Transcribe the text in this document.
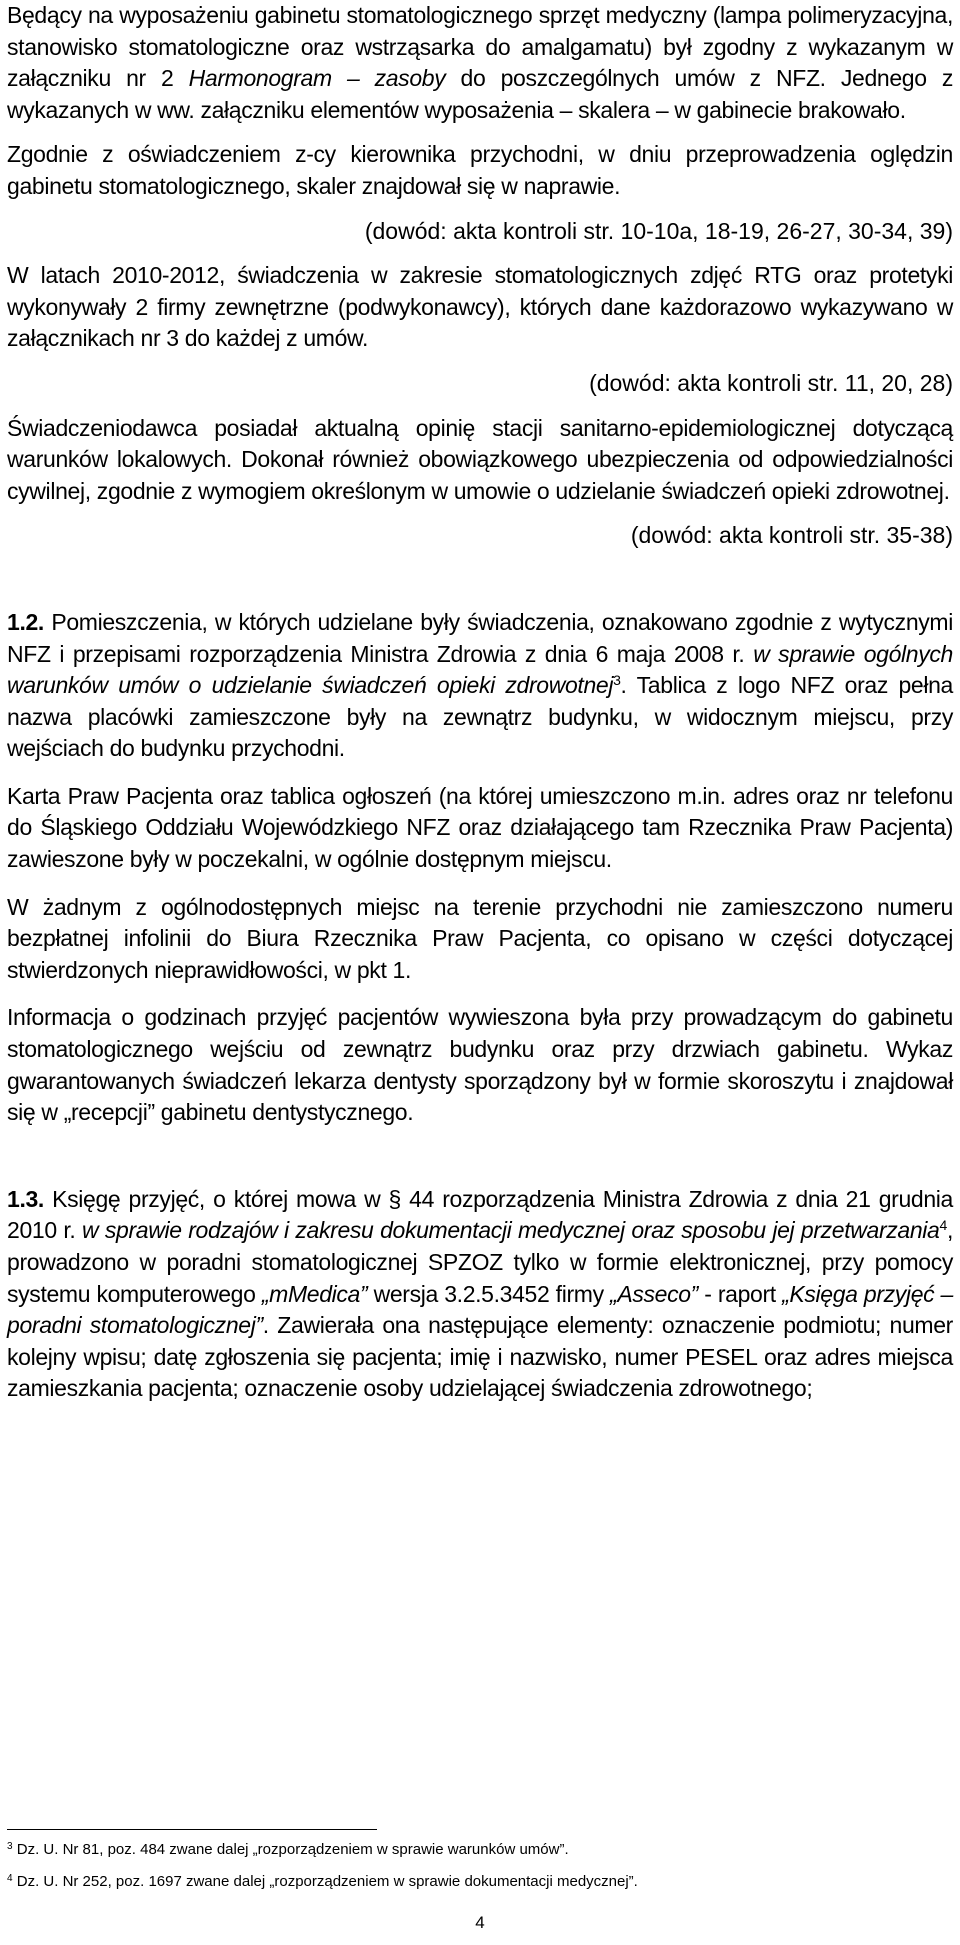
Będący na wyposażeniu gabinetu stomatologicznego sprzęt medyczny (lampa polimeryzacyjna, stanowisko stomatologiczne oraz wstrząsarka do amalgamatu) był zgodny z wykazanym w załączniku nr 2 Harmonogram – zasoby do poszczególnych umów z NFZ. Jednego z wykazanych w ww. załączniku elementów wyposażenia – skalera – w gabinecie brakowało.

Zgodnie z oświadczeniem z-cy kierownika przychodni, w dniu przeprowadzenia oględzin gabinetu stomatologicznego, skaler znajdował się w naprawie.

(dowód: akta kontroli str. 10-10a, 18-19, 26-27, 30-34, 39)

W latach 2010-2012, świadczenia w zakresie stomatologicznych zdjęć RTG oraz protetyki wykonywały 2 firmy zewnętrzne (podwykonawcy), których dane każdorazowo wykazywano w załącznikach nr 3 do każdej z umów.

(dowód: akta kontroli str. 11, 20, 28)

Świadczeniodawca posiadał aktualną opinię stacji sanitarno-epidemiologicznej dotyczącą warunków lokalowych. Dokonał również obowiązkowego ubezpieczenia od odpowiedzialności cywilnej, zgodnie z wymogiem określonym w umowie o udzielanie świadczeń opieki zdrowotnej.

(dowód: akta kontroli str. 35-38)

1.2. Pomieszczenia, w których udzielane były świadczenia, oznakowano zgodnie z wytycznymi NFZ i przepisami rozporządzenia Ministra Zdrowia z dnia 6 maja 2008 r. w sprawie ogólnych warunków umów o udzielanie świadczeń opieki zdrowotnej$^3$. Tablica z logo NFZ oraz pełna nazwa placówki zamieszczone były na zewnątrz budynku, w widocznym miejscu, przy wejściach do budynku przychodni.

Karta Praw Pacjenta oraz tablica ogłoszeń (na której umieszczono m.in. adres oraz nr telefonu do Śląskiego Oddziału Wojewódzkiego NFZ oraz działającego tam Rzecznika Praw Pacjenta) zawieszone były w poczekalni, w ogólnie dostępnym miejscu.

W żadnym z ogólnodostępnych miejsc na terenie przychodni nie zamieszczono numeru bezpłatnej infolinii do Biura Rzecznika Praw Pacjenta, co opisano w części dotyczącej stwierdzonych nieprawidłowości, w pkt 1.

Informacja o godzinach przyjęć pacjentów wywieszona była przy prowadzącym do gabinetu stomatologicznego wejściu od zewnątrz budynku oraz przy drzwiach gabinetu. Wykaz gwarantowanych świadczeń lekarza dentysty sporządzony był w formie skoroszytu i znajdował się w „recepcji” gabinetu dentystycznego.

1.3. Księgę przyjęć, o której mowa w § 44 rozporządzenia Ministra Zdrowia z dnia 21 grudnia 2010 r. w sprawie rodzajów i zakresu dokumentacji medycznej oraz sposobu jej przetwarzania$^4$, prowadzono w poradni stomatologicznej SPZOZ tylko w formie elektronicznej, przy pomocy systemu komputerowego „mMedica” wersja 3.2.5.3452 firmy „Asseco” - raport „Księga przyjęć – poradni stomatologicznej”. Zawierała ona następujące elementy: oznaczenie podmiotu; numer kolejny wpisu; datę zgłoszenia się pacjenta; imię i nazwisko, numer PESEL oraz adres miejsca zamieszkania pacjenta; oznaczenie osoby udzielającej świadczenia zdrowotnego;

$^3$ Dz. U. Nr 81, poz. 484 zwane dalej „rozporządzeniem w sprawie warunków umów”.

$^4$ Dz. U. Nr 252, poz. 1697 zwane dalej „rozporządzeniem w sprawie dokumentacji medycznej”.

4
